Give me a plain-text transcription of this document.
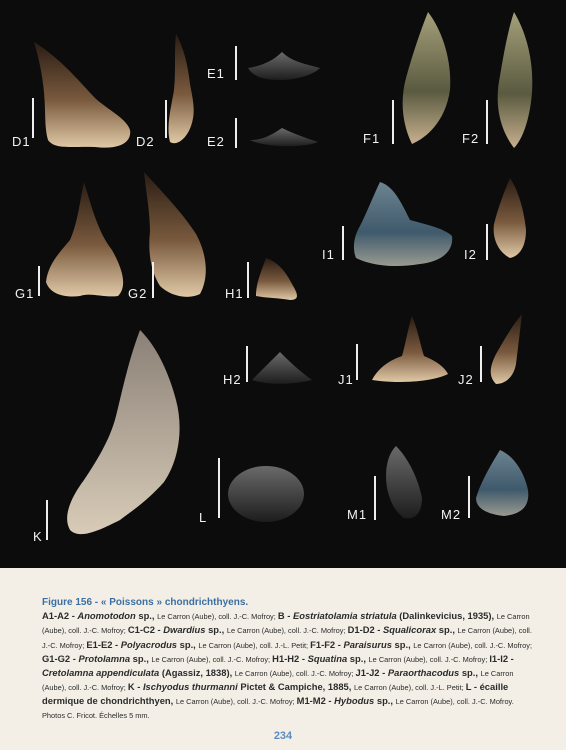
D1	D2
E1
E2	F1	F2
G1	G2	H1
I1	I2
H2	J1	J2
K
L	M1	M2
Figure 156 - « Poissons » chondrichthyens.
A1-A2 - Anomotodon sp., Le Carron (Aube), coll. J.-C. Mofroy; B - Eostriatolamia striatula (Dalinkevicius, 1935), Le Carron (Aube), coll. J.-C. Mofroy; C1-C2 - Dwardius sp., Le Carron (Aube), coll. J.-C. Mofroy; D1-D2 - Squalicorax sp., Le Carron (Aube), coll. J.-C. Mofroy; E1-E2 - Polyacrodus sp., Le Carron (Aube), coll. J.-L. Petit; F1-F2 - Paraisurus sp., Le Carron (Aube), coll. J.-C. Mofroy; G1-G2 - Protolamna sp., Le Carron (Aube), coll. J.-C. Mofroy; H1-H2 - Squatina sp., Le Carron (Aube), coll. J.-C. Mofroy; I1-I2 - Cretolamna appendiculata (Agassiz, 1838), Le Carron (Aube), coll. J.-C. Mofroy; J1-J2 - Paraorthacodus sp., Le Carron (Aube), coll. J.-C. Mofroy; K - Ischyodus thurmanni Pictet & Campiche, 1885, Le Carron (Aube), coll. J.-L. Petit; L - écaille dermique de chondrichthyen, Le Carron (Aube), coll. J.-C. Mofroy; M1-M2 - Hybodus sp., Le Carron (Aube), coll. J.-C. Mofroy. Photos C. Fricot. Échelles 5 mm.
234
